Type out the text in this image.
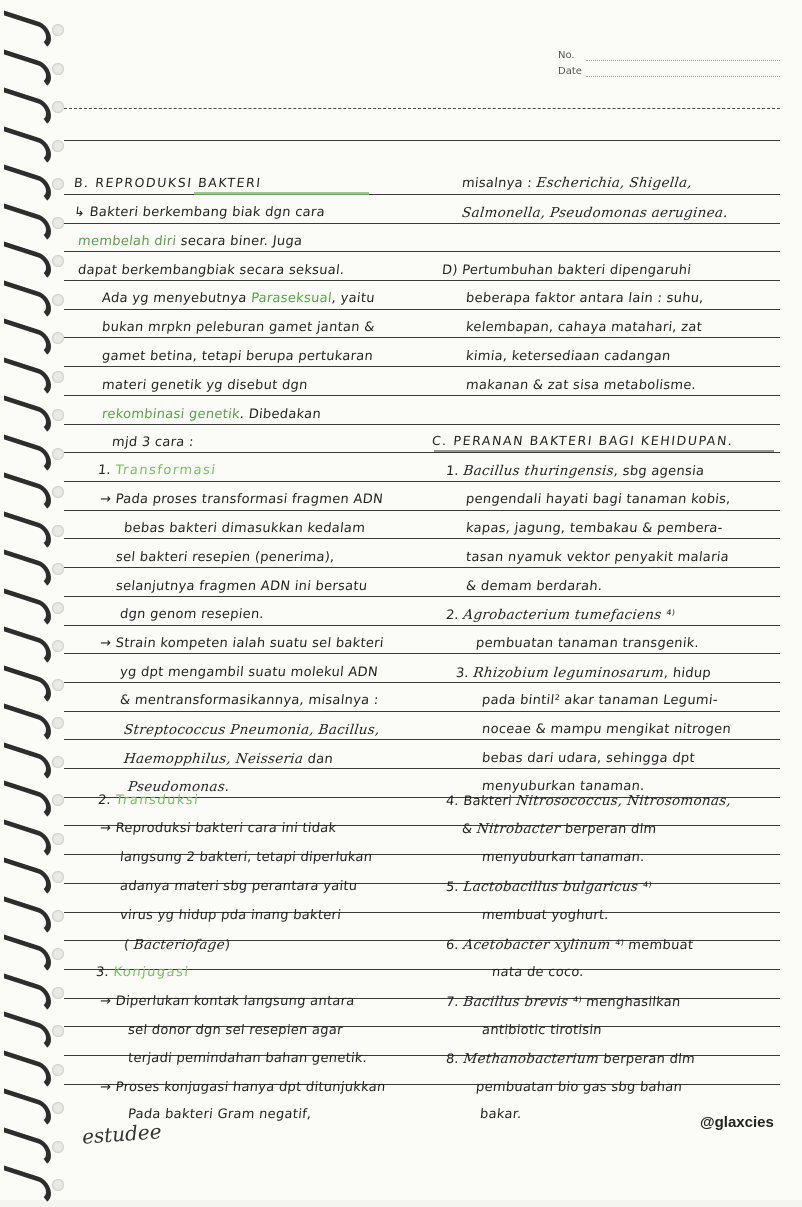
No.
Date
B. REPRODUKSI BAKTERI
↳ Bakteri berkembang biak dgn cara
membelah diri secara biner. Juga
dapat berkembangbiak secara seksual.
Ada yg menyebutnya Paraseksual, yaitu
bukan mrpkn peleburan gamet jantan &
gamet betina, tetapi berupa pertukaran
materi genetik yg disebut dgn
rekombinasi genetik. Dibedakan
mjd 3 cara :
1. Transformasi
→ Pada proses transformasi fragmen ADN
bebas bakteri dimasukkan kedalam
sel bakteri resepien (penerima),
selanjutnya fragmen ADN ini bersatu
dgn genom resepien.
→ Strain kompeten ialah suatu sel bakteri
yg dpt mengambil suatu molekul ADN
& mentransformasikannya, misalnya :
Streptococcus Pneumonia, Bacillus,
Haemopphilus, Neisseria dan
Pseudomonas.
2. Transduksi
→ Reproduksi bakteri cara ini tidak
langsung 2 bakteri, tetapi diperlukan
adanya materi sbg perantara yaitu
virus yg hidup pda inang bakteri
( Bacteriofage)
3. Konjugasi
→ Diperlukan kontak langsung antara
sel donor dgn sel resepien agar
terjadi pemindahan bahan genetik.
→ Proses konjugasi hanya dpt ditunjukkan
Pada bakteri Gram negatif,
misalnya : Escherichia, Shigella,
Salmonella, Pseudomonas aeruginea.
D) Pertumbuhan bakteri dipengaruhi
beberapa faktor antara lain : suhu,
kelembapan, cahaya matahari, zat
kimia, ketersediaan cadangan
makanan & zat sisa metabolisme.
C. PERANAN BAKTERI BAGI KEHIDUPAN.
1. Bacillus thuringensis, sbg agensia
pengendali hayati bagi tanaman kobis,
kapas, jagung, tembakau & pembera-
tasan nyamuk vektor penyakit malaria
& demam berdarah.
2. Agrobacterium tumefaciens ⁴⁾
pembuatan tanaman transgenik.
3. Rhizobium leguminosarum, hidup
pada bintil² akar tanaman Legumi-
noceae & mampu mengikat nitrogen
bebas dari udara, sehingga dpt
menyuburkan tanaman.
4. Bakteri Nitrosococcus, Nitrosomonas,
& Nitrobacter berperan dlm
menyuburkan tanaman.
5. Lactobacillus bulgaricus ⁴⁾
membuat yoghurt.
6. Acetobacter xylinum ⁴⁾ membuat
nata de coco.
7. Bacillus brevis ⁴⁾ menghasilkan
antibiotic tirotisin
8. Methanobacterium berperan dlm
pembuatan bio gas sbg bahan
bakar.
estudee	@glaxcies
